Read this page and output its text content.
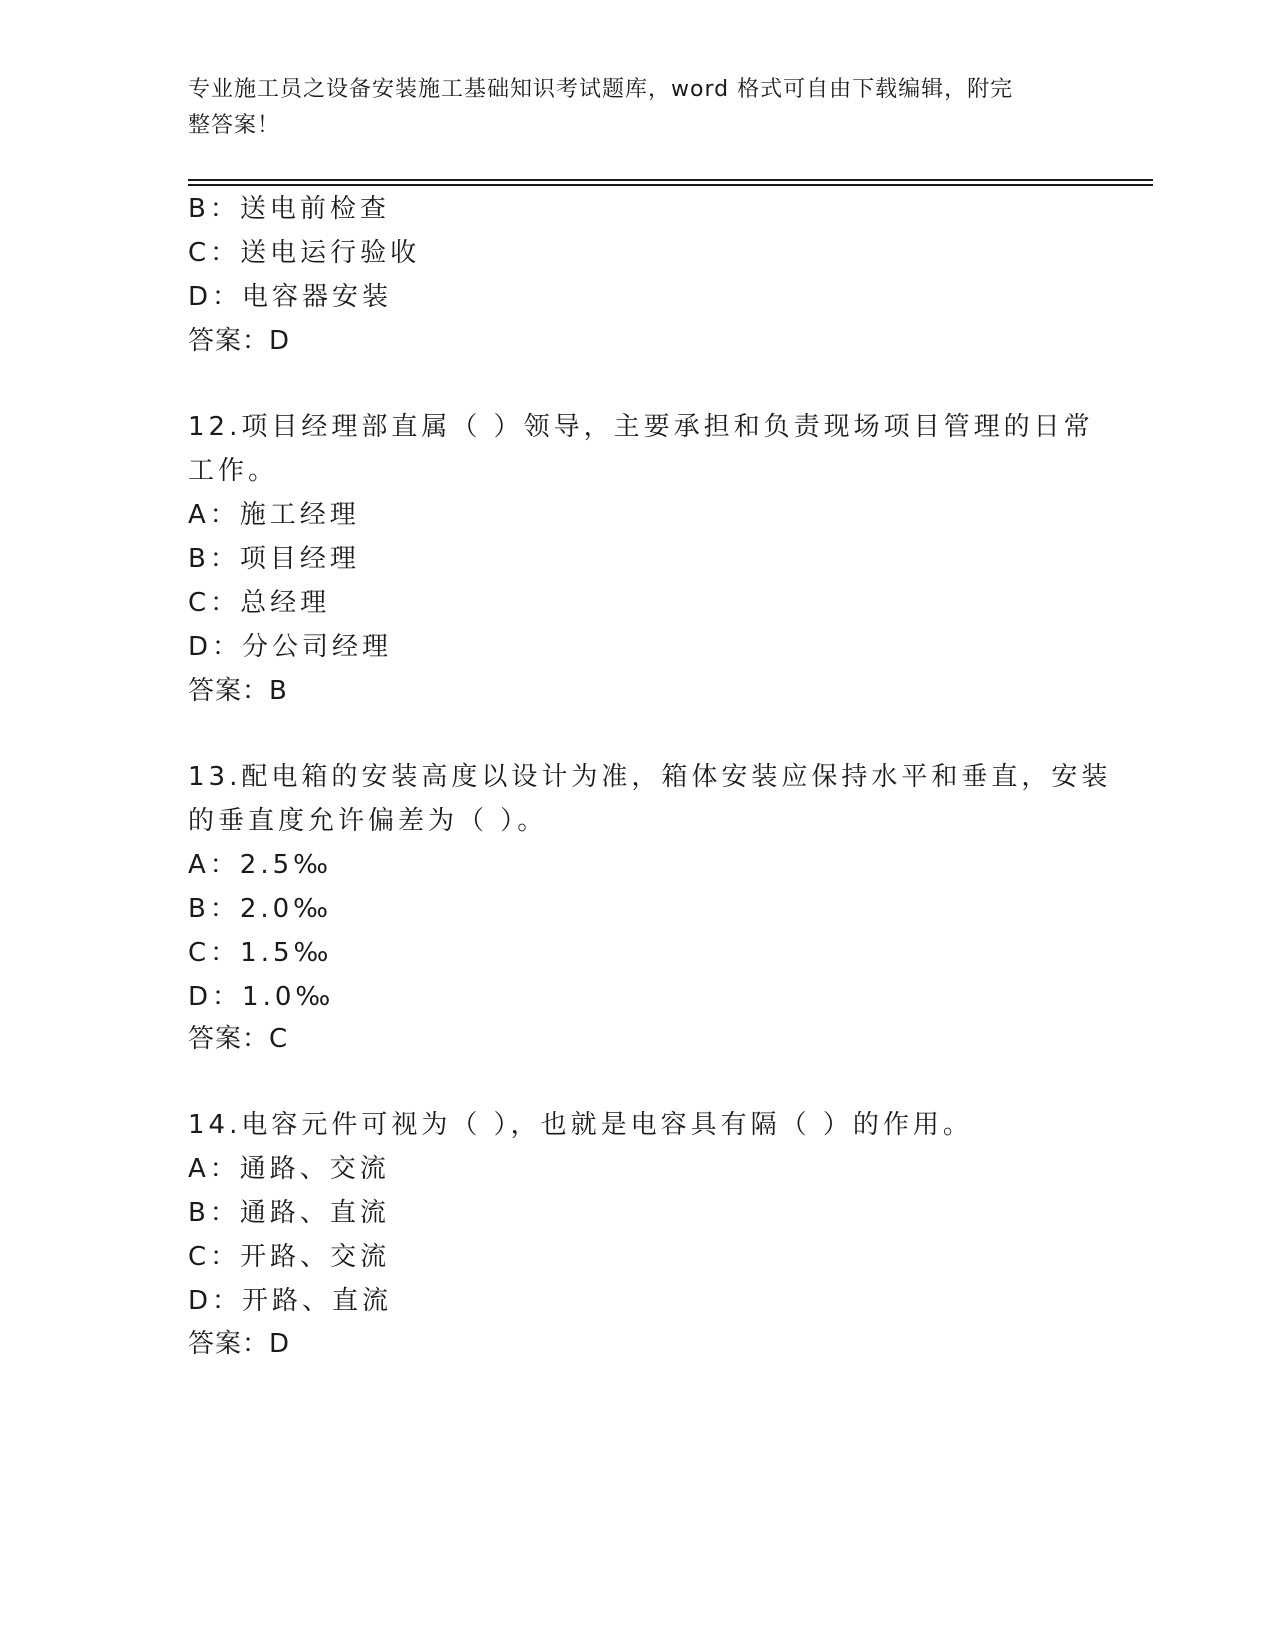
专业施工员之设备安装施工基础知识考试题库，word 格式可自由下载编辑，附完
整答案！
B：送电前检查
C：送电运行验收
D：电容器安装
答案：D
12.项目经理部直属（ ）领导，主要承担和负责现场项目管理的日常
工作。
A：施工经理
B：项目经理
C：总经理
D：分公司经理
答案：B
13.配电箱的安装高度以设计为准，箱体安装应保持水平和垂直，安装
的垂直度允许偏差为（ ）。
A：2.5‰
B：2.0‰
C：1.5‰
D：1.0‰
答案：C
14.电容元件可视为（ ），也就是电容具有隔（ ）的作用。
A：通路、交流
B：通路、直流
C：开路、交流
D：开路、直流
答案：D
